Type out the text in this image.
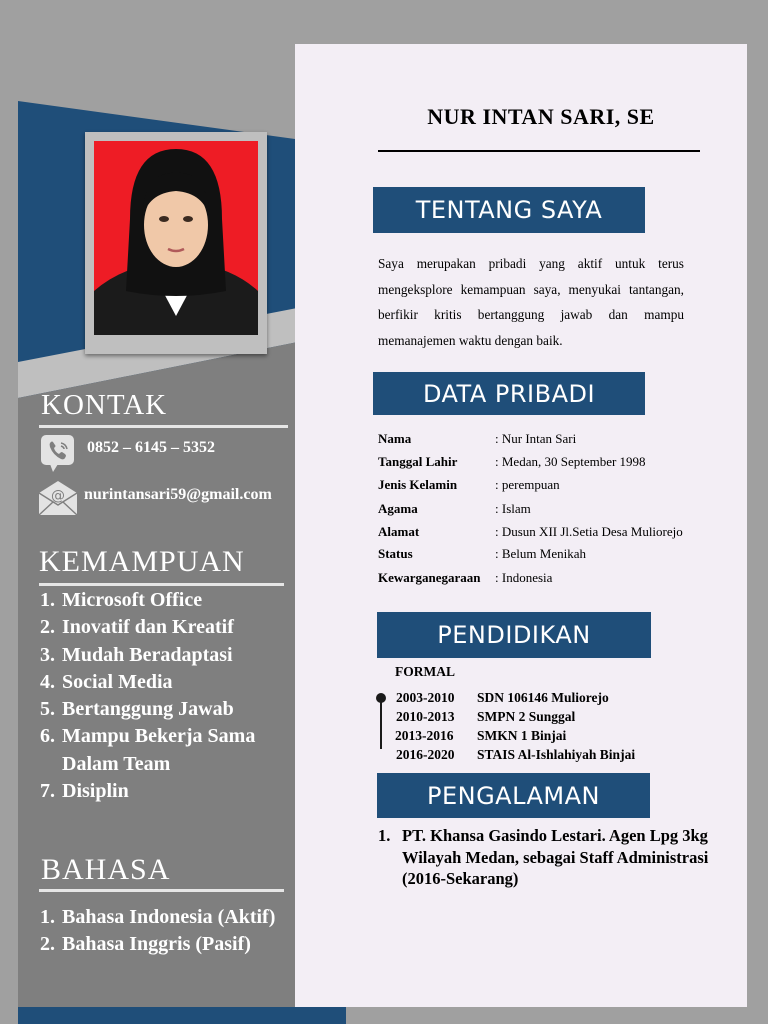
KONTAK
0852 – 6145 – 5352
@ nurintansari59@gmail.com
KEMAMPUAN
1. Microsoft Office
2. Inovatif dan Kreatif
3. Mudah Beradaptasi
4. Social Media
5. Bertanggung Jawab
6. Mampu Bekerja Sama
Dalam Team
7. Disiplin
BAHASA
1. Bahasa Indonesia (Aktif)
2. Bahasa Inggris (Pasif)
NUR INTAN SARI, SE
TENTANG SAYA
Saya merupakan pribadi yang aktif untuk terus mengeksplore kemampuan saya, menyukai tantangan, berfikir kritis bertanggung jawab dan mampu memanajemen waktu dengan baik.
DATA PRIBADI
Nama	: Nur Intan Sari
Tanggal Lahir	: Medan, 30 September 1998
Jenis Kelamin	: perempuan
Agama	: Islam
Alamat	: Dusun XII Jl.Setia Desa Muliorejo
Status	: Belum Menikah
Kewarganegaraan : Indonesia
PENDIDIKAN
FORMAL
2003-2010 SDN 106146 Muliorejo
2010-2013 SMPN 2 Sunggal
2013-2016 SMKN 1 Binjai
2016-2020 STAIS Al-Ishlahiyah Binjai
PENGALAMAN
1. PT. Khansa Gasindo Lestari. Agen Lpg 3kg Wilayah Medan, sebagai Staff Administrasi (2016-Sekarang)
